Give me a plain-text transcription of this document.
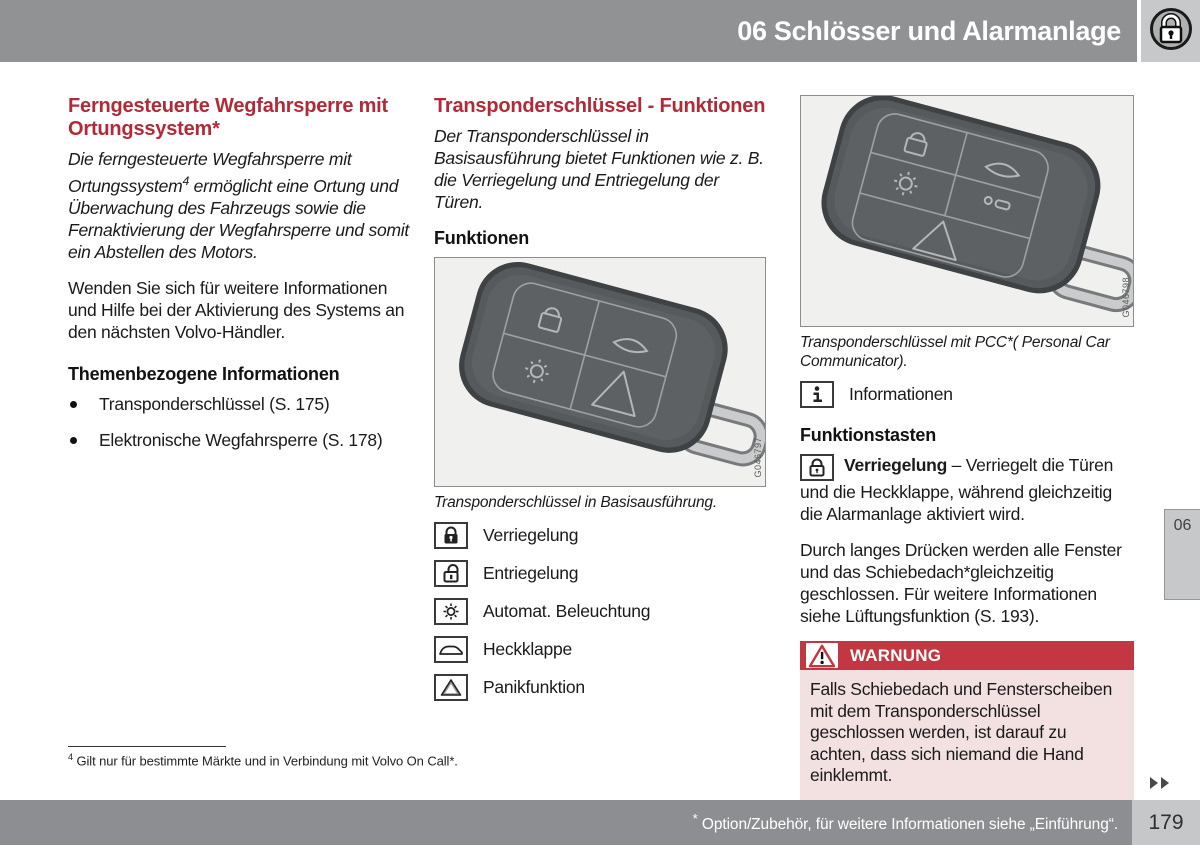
06 Schlösser und Alarmanlage
Ferngesteuerte Wegfahrsperre mit Ortungssystem*

Die ferngesteuerte Wegfahrsperre mit Ortungssystem$^4$ ermöglicht eine Ortung und Überwachung des Fahrzeugs sowie die Fernaktivierung der Wegfahrsperre und somit ein Abstellen des Motors.

Wenden Sie sich für weitere Informationen und Hilfe bei der Aktivierung des Systems an den nächsten Volvo-Händler.

Themenbezogene Informationen
Transponderschlüssel (S. 175)
Elektronische Wegfahrsperre (S. 178)
Transponderschlüssel - Funktionen

Der Transponderschlüssel in Basisausführung bietet Funktionen wie z. B. die Verriegelung und Entriegelung der Türen.

Funktionen
G046797

Transponderschlüssel in Basisausführung.

Verriegelung
Entriegelung
Automat. Beleuchtung
Heckklappe
Panikfunktion
G046798

Transponderschlüssel mit PCC*( Personal Car Communicator).

Informationen
Funktionstasten

Verriegelung – Verriegelt die Türen und die Heckklappe, während gleichzeitig die Alarmanlage aktiviert wird.

Durch langes Drücken werden alle Fenster und das Schiebedach*gleichzeitig geschlossen. Für weitere Informationen siehe Lüftungsfunktion (S. 193).

WARNUNG
Falls Schiebedach und Fensterscheiben mit dem Transponderschlüssel geschlossen werden, ist darauf zu achten, dass sich niemand die Hand einklemmt.
06
$^4$ Gilt nur für bestimmte Märkte und in Verbindung mit Volvo On Call*.
* Option/Zubehör, für weitere Informationen siehe „Einführung“.	179
